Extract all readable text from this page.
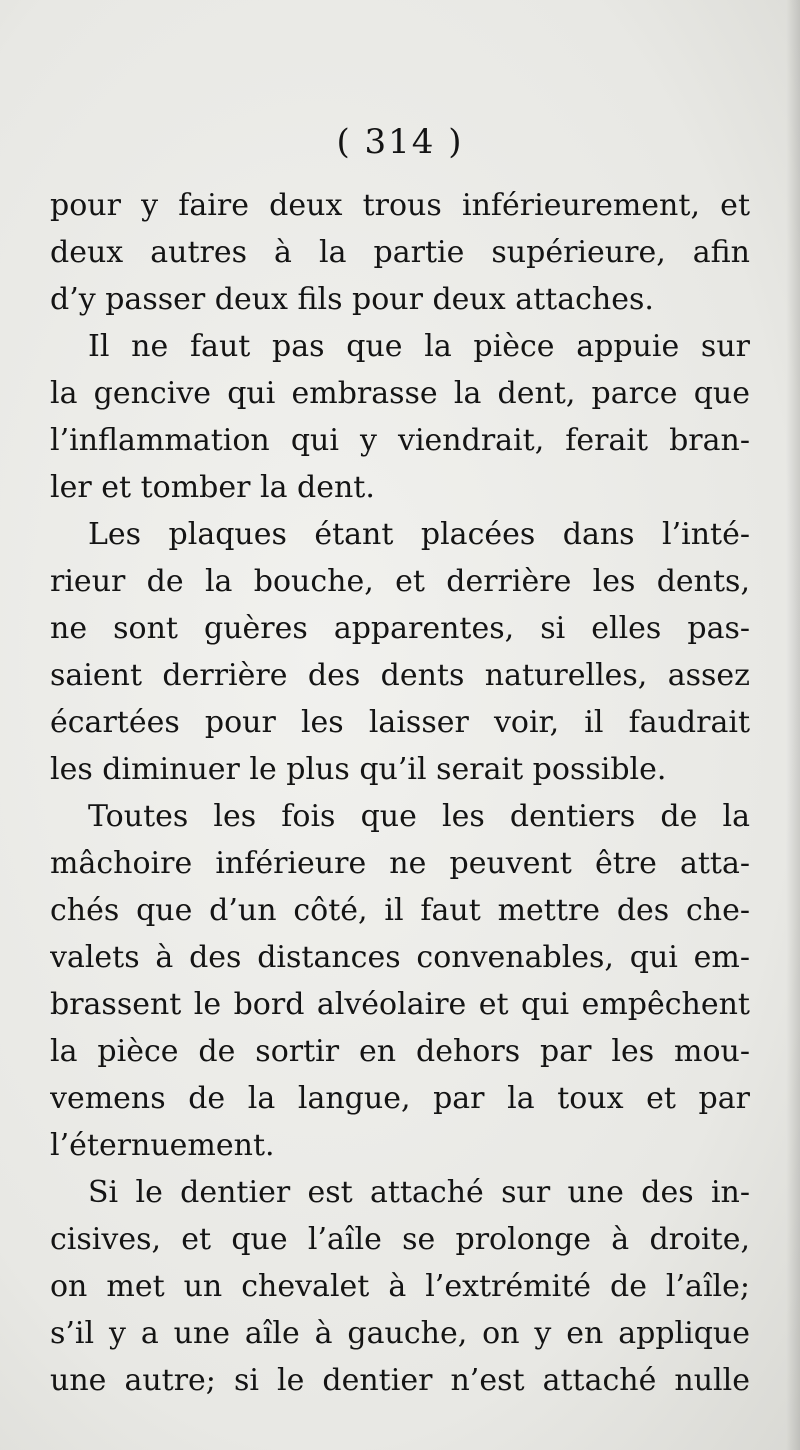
( 314 )
pour y faire deux trous inférieurement, et
deux autres à la partie supérieure, afin
d’y passer deux fils pour deux attaches.
Il ne faut pas que la pièce appuie sur
la gencive qui embrasse la dent, parce que
l’inflammation qui y viendrait, ferait bran-
ler et tomber la dent.
Les plaques étant placées dans l’inté-
rieur de la bouche, et derrière les dents,
ne sont guères apparentes, si elles pas-
saient derrière des dents naturelles, assez
écartées pour les laisser voir, il faudrait
les diminuer le plus qu’il serait possible.
Toutes les fois que les dentiers de la
mâchoire inférieure ne peuvent être atta-
chés que d’un côté, il faut mettre des che-
valets à des distances convenables, qui em-
brassent le bord alvéolaire et qui empêchent
la pièce de sortir en dehors par les mou-
vemens de la langue, par la toux et par
l’éternuement.
Si le dentier est attaché sur une des in-
cisives, et que l’aîle se prolonge à droite,
on met un chevalet à l’extrémité de l’aîle;
s’il y a une aîle à gauche, on y en applique
une autre; si le dentier n’est attaché nulle
